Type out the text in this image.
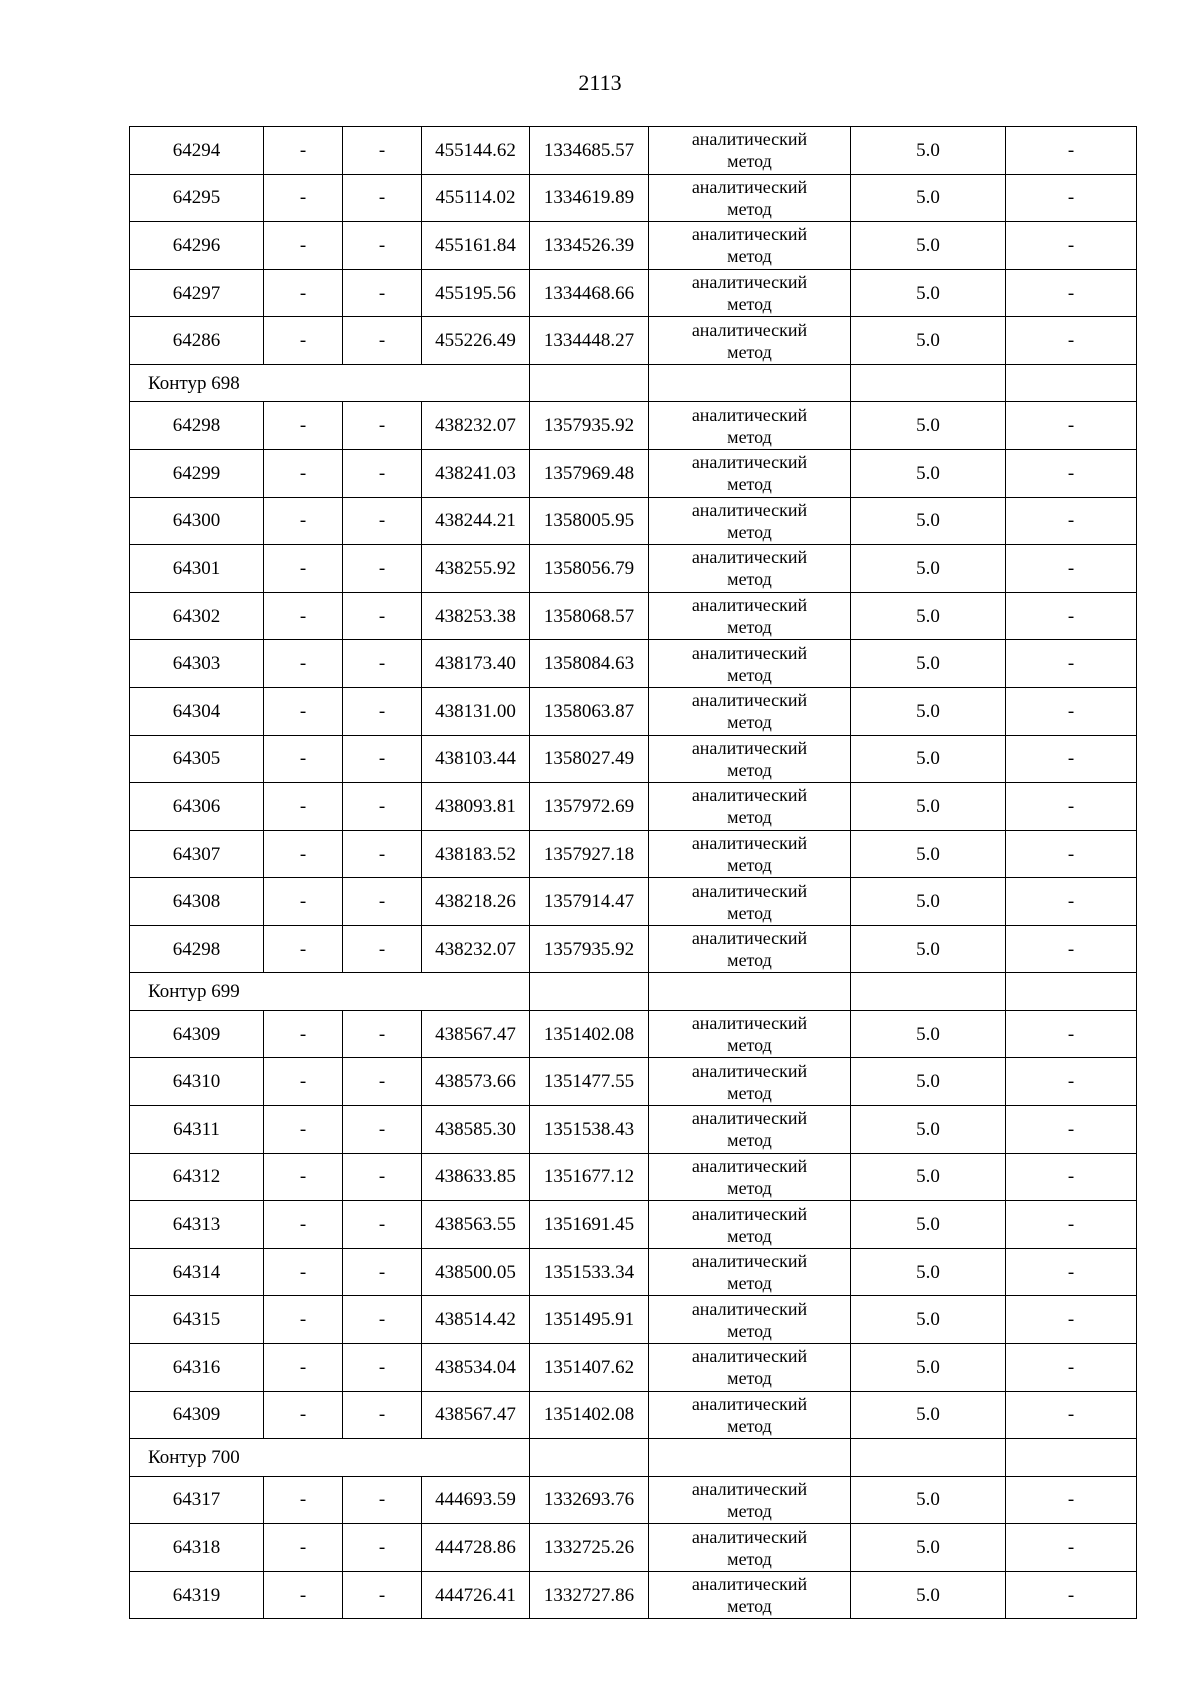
2113
64294	-	-	455144.62	1334685.57	аналитический
метод	5.0	-
64295	-	-	455114.02	1334619.89	аналитический
метод	5.0	-
64296	-	-	455161.84	1334526.39	аналитический
метод	5.0	-
64297	-	-	455195.56	1334468.66	аналитический
метод	5.0	-
64286	-	-	455226.49	1334448.27	аналитический
метод	5.0	-
Контур 698							
64298	-	-	438232.07	1357935.92	аналитический
метод	5.0	-
64299	-	-	438241.03	1357969.48	аналитический
метод	5.0	-
64300	-	-	438244.21	1358005.95	аналитический
метод	5.0	-
64301	-	-	438255.92	1358056.79	аналитический
метод	5.0	-
64302	-	-	438253.38	1358068.57	аналитический
метод	5.0	-
64303	-	-	438173.40	1358084.63	аналитический
метод	5.0	-
64304	-	-	438131.00	1358063.87	аналитический
метод	5.0	-
64305	-	-	438103.44	1358027.49	аналитический
метод	5.0	-
64306	-	-	438093.81	1357972.69	аналитический
метод	5.0	-
64307	-	-	438183.52	1357927.18	аналитический
метод	5.0	-
64308	-	-	438218.26	1357914.47	аналитический
метод	5.0	-
64298	-	-	438232.07	1357935.92	аналитический
метод	5.0	-
Контур 699							
64309	-	-	438567.47	1351402.08	аналитический
метод	5.0	-
64310	-	-	438573.66	1351477.55	аналитический
метод	5.0	-
64311	-	-	438585.30	1351538.43	аналитический
метод	5.0	-
64312	-	-	438633.85	1351677.12	аналитический
метод	5.0	-
64313	-	-	438563.55	1351691.45	аналитический
метод	5.0	-
64314	-	-	438500.05	1351533.34	аналитический
метод	5.0	-
64315	-	-	438514.42	1351495.91	аналитический
метод	5.0	-
64316	-	-	438534.04	1351407.62	аналитический
метод	5.0	-
64309	-	-	438567.47	1351402.08	аналитический
метод	5.0	-
Контур 700							
64317	-	-	444693.59	1332693.76	аналитический
метод	5.0	-
64318	-	-	444728.86	1332725.26	аналитический
метод	5.0	-
64319	-	-	444726.41	1332727.86	аналитический
метод	5.0	-
